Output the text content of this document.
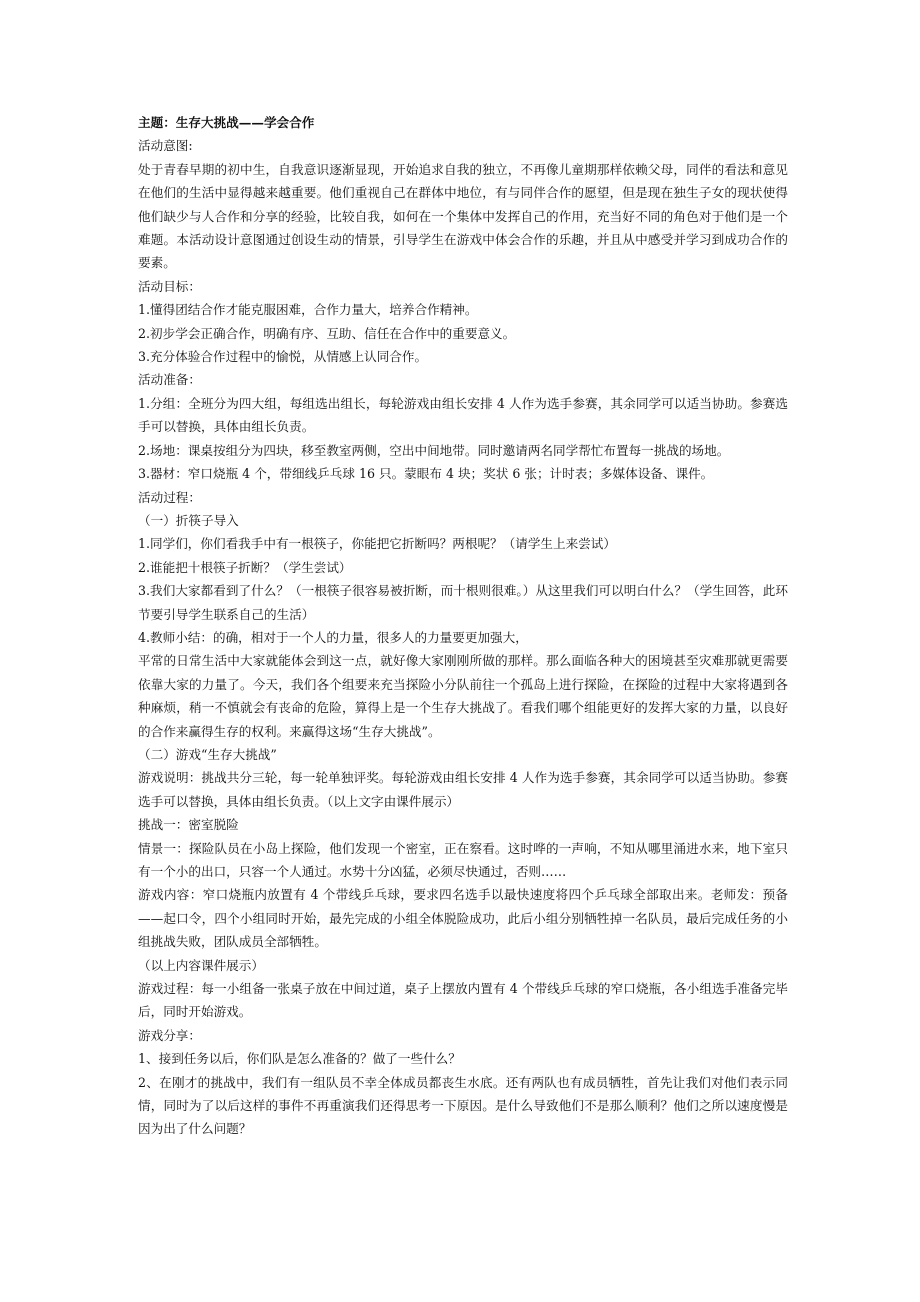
主题：生存大挑战——学会合作

活动意图:

处于青春早期的初中生，自我意识逐渐显现，开始追求自我的独立，不再像儿童期那样依赖父母，同伴的看法和意见在他们的生活中显得越来越重要。他们重视自己在群体中地位，有与同伴合作的愿望，但是现在独生子女的现状使得他们缺少与人合作和分享的经验，比较自我，如何在一个集体中发挥自己的作用，充当好不同的角色对于他们是一个难题。本活动设计意图通过创设生动的情景，引导学生在游戏中体会合作的乐趣，并且从中感受并学习到成功合作的要素。

活动目标：

1.懂得团结合作才能克服困难，合作力量大，培养合作精神。

2.初步学会正确合作，明确有序、互助、信任在合作中的重要意义。

3.充分体验合作过程中的愉悦，从情感上认同合作。

活动准备：

1.分组：全班分为四大组，每组选出组长，每轮游戏由组长安排 4 人作为选手参赛，其余同学可以适当协助。参赛选手可以替换，具体由组长负责。

2.场地：课桌按组分为四块，移至教室两侧，空出中间地带。同时邀请两名同学帮忙布置每一挑战的场地。

3.器材：窄口烧瓶 4 个，带细线乒乓球 16 只。蒙眼布 4 块；奖状 6 张；计时表；多媒体设备、课件。

活动过程：

（一）折筷子导入

1.同学们，你们看我手中有一根筷子，你能把它折断吗？两根呢？（请学生上来尝试）

2.谁能把十根筷子折断？（学生尝试）

3.我们大家都看到了什么？（一根筷子很容易被折断，而十根则很难。）从这里我们可以明白什么？（学生回答，此环节要引导学生联系自己的生活）

4.教师小结：的确，相对于一个人的力量，很多人的力量要更加强大，

平常的日常生活中大家就能体会到这一点，就好像大家刚刚所做的那样。那么面临各种大的困境甚至灾难那就更需要依靠大家的力量了。今天，我们各个组要来充当探险小分队前往一个孤岛上进行探险，在探险的过程中大家将遇到各种麻烦，稍一不慎就会有丧命的危险，算得上是一个生存大挑战了。看我们哪个组能更好的发挥大家的力量，以良好的合作来赢得生存的权利。来赢得这场“生存大挑战”。

（二）游戏“生存大挑战”

游戏说明：挑战共分三轮，每一轮单独评奖。每轮游戏由组长安排 4 人作为选手参赛，其余同学可以适当协助。参赛选手可以替换，具体由组长负责。（以上文字由课件展示）

挑战一：密室脱险

情景一：探险队员在小岛上探险，他们发现一个密室，正在察看。这时哗的一声响，不知从哪里涌进水来，地下室只有一个小的出口，只容一个人通过。水势十分凶猛，必须尽快通过，否则……

游戏内容：窄口烧瓶内放置有 4 个带线乒乓球，要求四名选手以最快速度将四个乒乓球全部取出来。老师发：预备——起口令，四个小组同时开始，最先完成的小组全体脱险成功，此后小组分别牺牲掉一名队员，最后完成任务的小组挑战失败，团队成员全部牺牲。

（以上内容课件展示）

游戏过程：每一小组备一张桌子放在中间过道，桌子上摆放内置有 4 个带线乒乓球的窄口烧瓶，各小组选手准备完毕后，同时开始游戏。

游戏分享：

1、接到任务以后，你们队是怎么准备的？做了一些什么？

2、在刚才的挑战中，我们有一组队员不幸全体成员都丧生水底。还有两队也有成员牺牲，首先让我们对他们表示同情，同时为了以后这样的事件不再重演我们还得思考一下原因。是什么导致他们不是那么顺利？他们之所以速度慢是因为出了什么问题？
